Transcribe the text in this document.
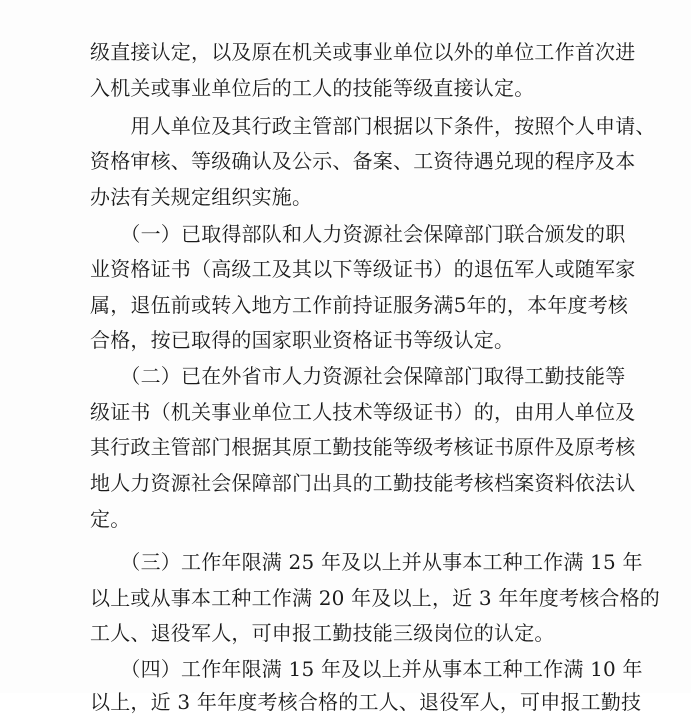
级直接认定，以及原在机关或事业单位以外的单位工作首次进
入机关或事业单位后的工人的技能等级直接认定。
　　用人单位及其行政主管部门根据以下条件，按照个人申请、
资格审核、等级确认及公示、备案、工资待遇兑现的程序及本
办法有关规定组织实施。
　　（一）已取得部队和人力资源社会保障部门联合颁发的职
业资格证书（高级工及其以下等级证书）的退伍军人或随军家
属，退伍前或转入地方工作前持证服务满5年的，本年度考核
合格，按已取得的国家职业资格证书等级认定。
　　（二）已在外省市人力资源社会保障部门取得工勤技能等
级证书（机关事业单位工人技术等级证书）的，由用人单位及
其行政主管部门根据其原工勤技能等级考核证书原件及原考核
地人力资源社会保障部门出具的工勤技能考核档案资料依法认
定。
　　（三）工作年限满 25 年及以上并从事本工种工作满 15 年
以上或从事本工种工作满 20 年及以上，近 3 年年度考核合格的
工人、退役军人，可申报工勤技能三级岗位的认定。
　　（四）工作年限满 15 年及以上并从事本工种工作满 10 年
以上，近 3 年年度考核合格的工人、退役军人，可申报工勤技
